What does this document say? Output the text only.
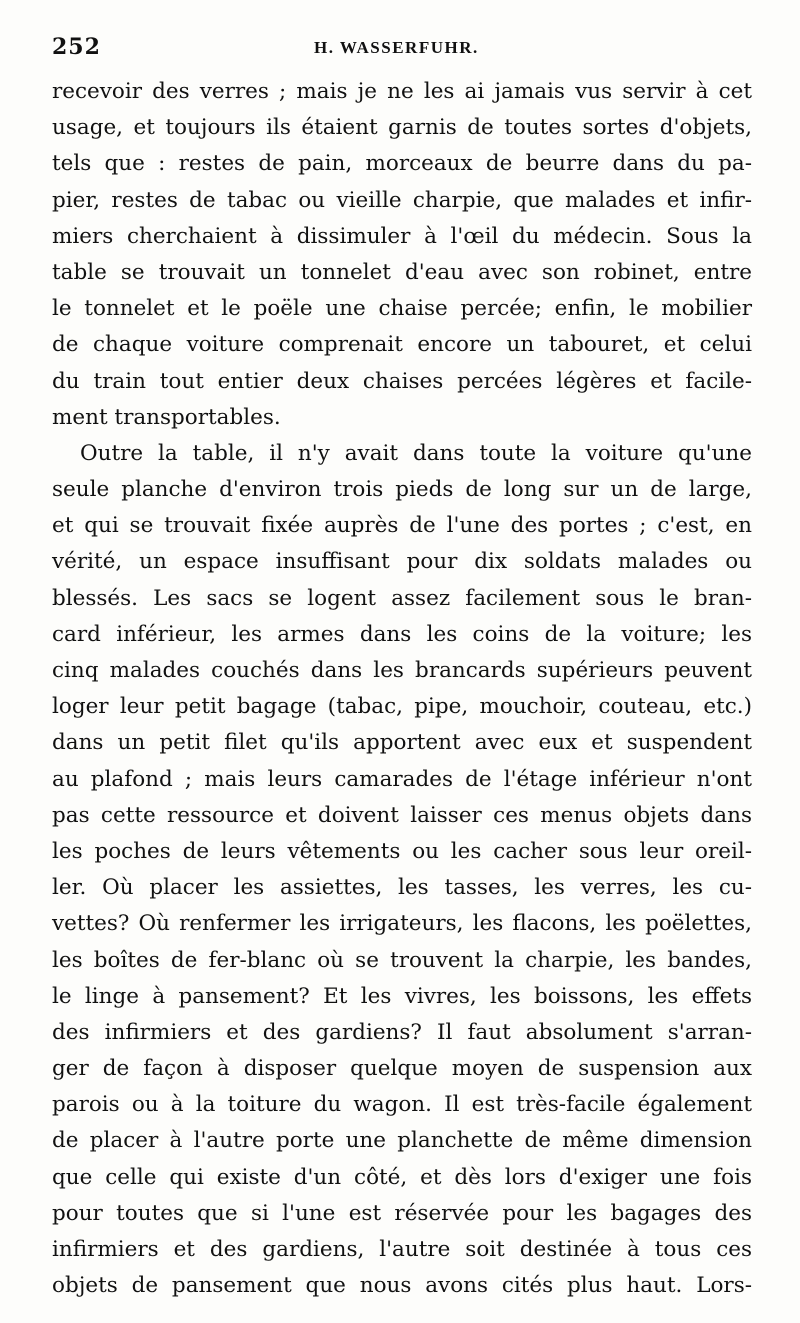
252	H. WASSERFUHR.
recevoir des verres ; mais je ne les ai jamais vus servir à cet
usage, et toujours ils étaient garnis de toutes sortes d'objets,
tels que : restes de pain, morceaux de beurre dans du pa-
pier, restes de tabac ou vieille charpie, que malades et infir-
miers cherchaient à dissimuler à l'œil du médecin. Sous la
table se trouvait un tonnelet d'eau avec son robinet, entre
le tonnelet et le poële une chaise percée; enfin, le mobilier
de chaque voiture comprenait encore un tabouret, et celui
du train tout entier deux chaises percées légères et facile-
ment transportables.
Outre la table, il n'y avait dans toute la voiture qu'une
seule planche d'environ trois pieds de long sur un de large,
et qui se trouvait fixée auprès de l'une des portes ; c'est, en
vérité, un espace insuffisant pour dix soldats malades ou
blessés. Les sacs se logent assez facilement sous le bran-
card inférieur, les armes dans les coins de la voiture; les
cinq malades couchés dans les brancards supérieurs peuvent
loger leur petit bagage (tabac, pipe, mouchoir, couteau, etc.)
dans un petit filet qu'ils apportent avec eux et suspendent
au plafond ; mais leurs camarades de l'étage inférieur n'ont
pas cette ressource et doivent laisser ces menus objets dans
les poches de leurs vêtements ou les cacher sous leur oreil-
ler. Où placer les assiettes, les tasses, les verres, les cu-
vettes? Où renfermer les irrigateurs, les flacons, les poëlettes,
les boîtes de fer-blanc où se trouvent la charpie, les bandes,
le linge à pansement? Et les vivres, les boissons, les effets
des infirmiers et des gardiens? Il faut absolument s'arran-
ger de façon à disposer quelque moyen de suspension aux
parois ou à la toiture du wagon. Il est très-facile également
de placer à l'autre porte une planchette de même dimension
que celle qui existe d'un côté, et dès lors d'exiger une fois
pour toutes que si l'une est réservée pour les bagages des
infirmiers et des gardiens, l'autre soit destinée à tous ces
objets de pansement que nous avons cités plus haut. Lors-
